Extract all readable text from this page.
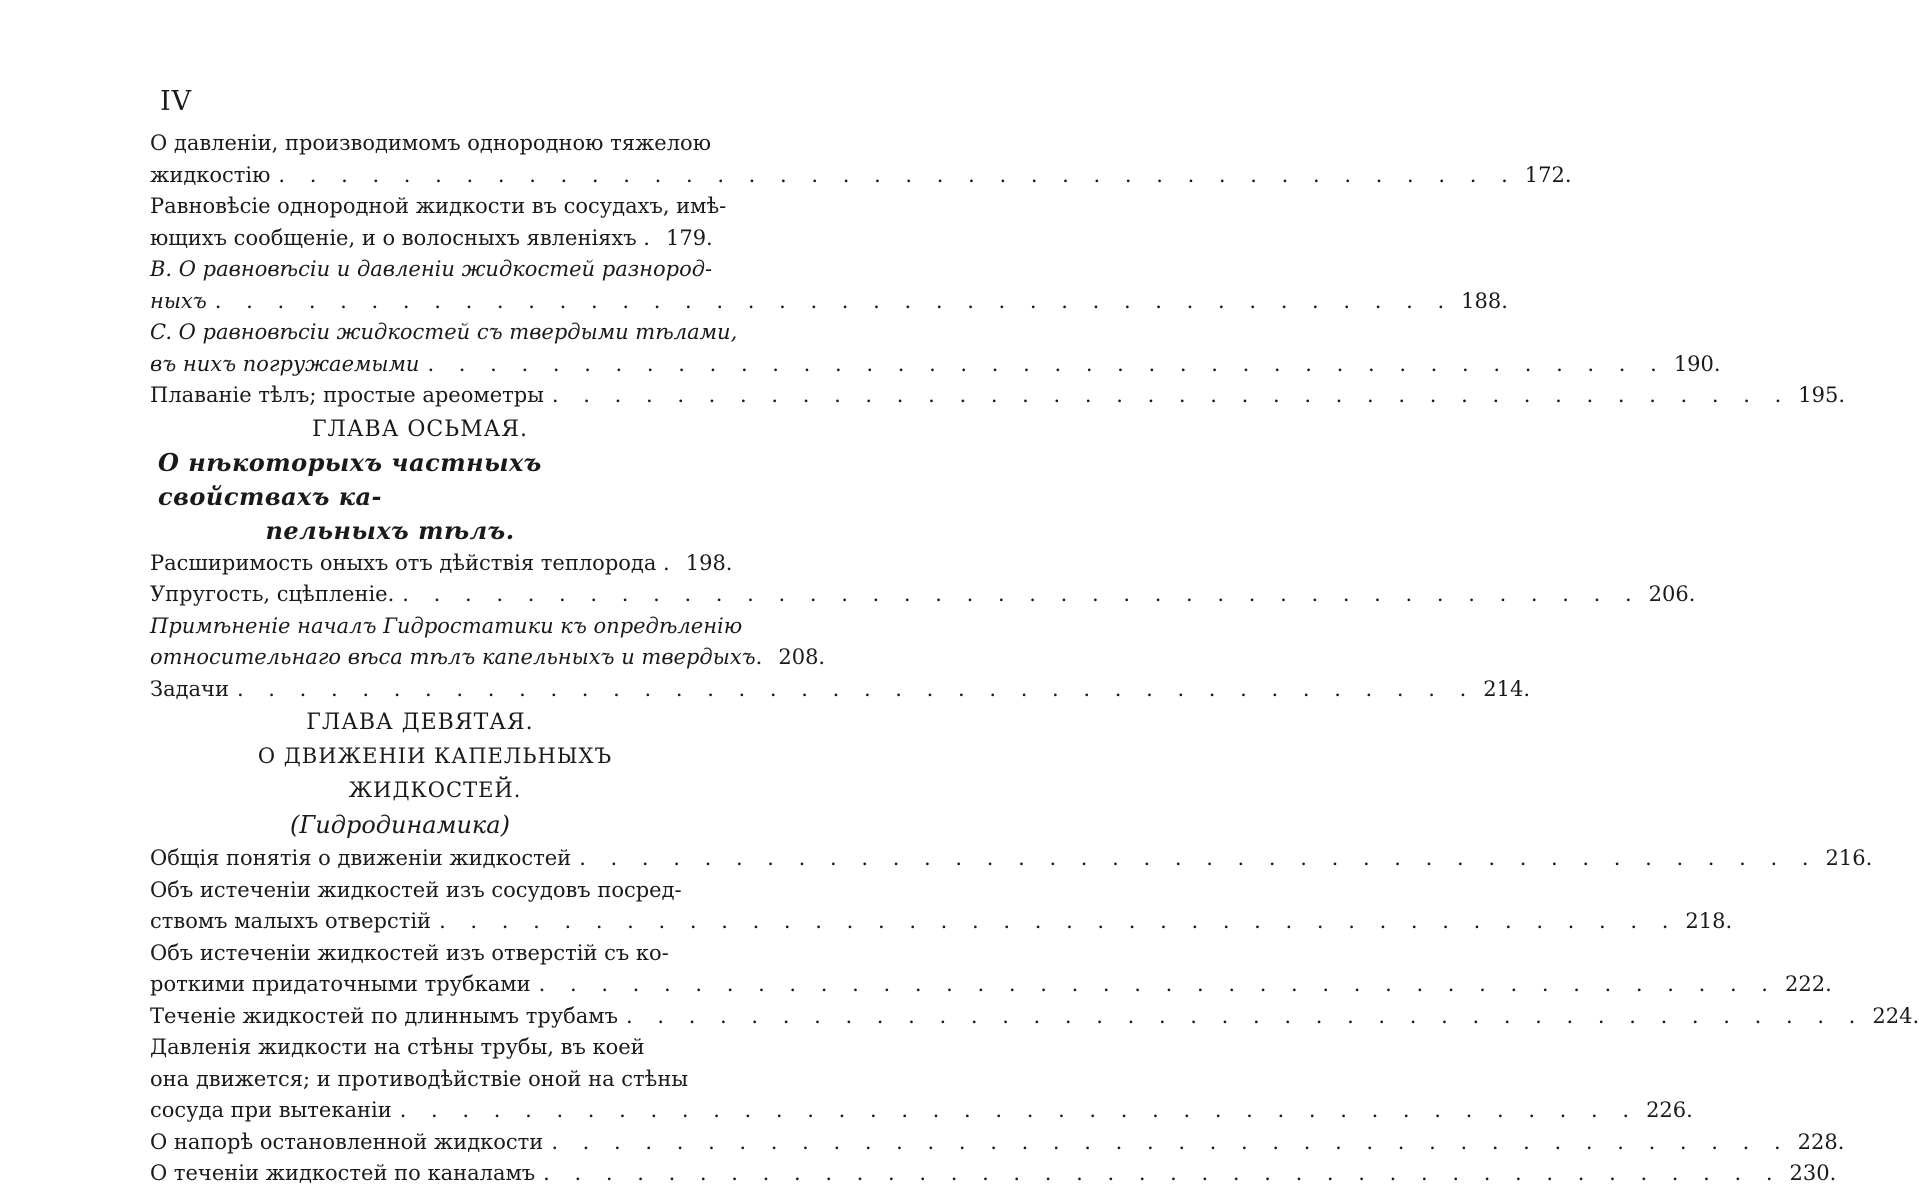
IV
О давленіи, производимомъ однородною тяжелою
жидкостію . . . . . . . . . . . . . . . . . . . . . . . . . . . . . . . . . . . . . . . . 172.
Равновѣсіе однородной жидкости въ сосудахъ, имѣ-
ющихъ сообщеніе, и о волосныхъ явленіяхъ . 179.
B. О равновѣсіи и давленіи жидкостей разнород-
ныхъ . . . . . . . . . . . . . . . . . . . . . . . . . . . . . . . . . . . . . . . . 188.
C. О равновѣсіи жидкостей съ твердыми тѣлами,
въ нихъ погружаемыми . . . . . . . . . . . . . . . . . . . . . . . . . . . . . . . . . . . . . . . . 190.
Плаваніе тѣлъ; простые ареометры . . . . . . . . . . . . . . . . . . . . . . . . . . . . . . . . . . . . . . . . 195.
ГЛАВА ОСЬМАЯ.
О нѣкоторыхъ частныхъ свойствахъ ка-
пельныхъ тѣлъ.
Расширимость оныхъ отъ дѣйствія теплорода . 198.
Упругость, сцѣпленіе. . . . . . . . . . . . . . . . . . . . . . . . . . . . . . . . . . . . . . . . . 206.
Примѣненіе началъ Гидростатики къ опредѣленію
относительнаго вѣса тѣлъ капельныхъ и твердыхъ. 208.
Задачи . . . . . . . . . . . . . . . . . . . . . . . . . . . . . . . . . . . . . . . . 214.
ГЛАВА ДЕВЯТАЯ.
О ДВИЖЕНІИ КАПЕЛЬНЫХЪ ЖИДКОСТЕЙ.
(Гидродинамика)
Общія понятія о движеніи жидкостей . . . . . . . . . . . . . . . . . . . . . . . . . . . . . . . . . . . . . . . . 216.
Объ истеченіи жидкостей изъ сосудовъ посред-
ствомъ малыхъ отверстій . . . . . . . . . . . . . . . . . . . . . . . . . . . . . . . . . . . . . . . . 218.
Объ истеченіи жидкостей изъ отверстій съ ко-
роткими придаточными трубками . . . . . . . . . . . . . . . . . . . . . . . . . . . . . . . . . . . . . . . . 222.
Теченіе жидкостей по длиннымъ трубамъ . . . . . . . . . . . . . . . . . . . . . . . . . . . . . . . . . . . . . . . . 224.
Давленія жидкости на стѣны трубы, въ коей
она движется; и противодѣйствіе оной на стѣны
сосуда при вытеканіи . . . . . . . . . . . . . . . . . . . . . . . . . . . . . . . . . . . . . . . . 226.
О напорѣ остановленной жидкости . . . . . . . . . . . . . . . . . . . . . . . . . . . . . . . . . . . . . . . . 228.
О теченіи жидкостей по каналамъ . . . . . . . . . . . . . . . . . . . . . . . . . . . . . . . . . . . . . . . . 230.
